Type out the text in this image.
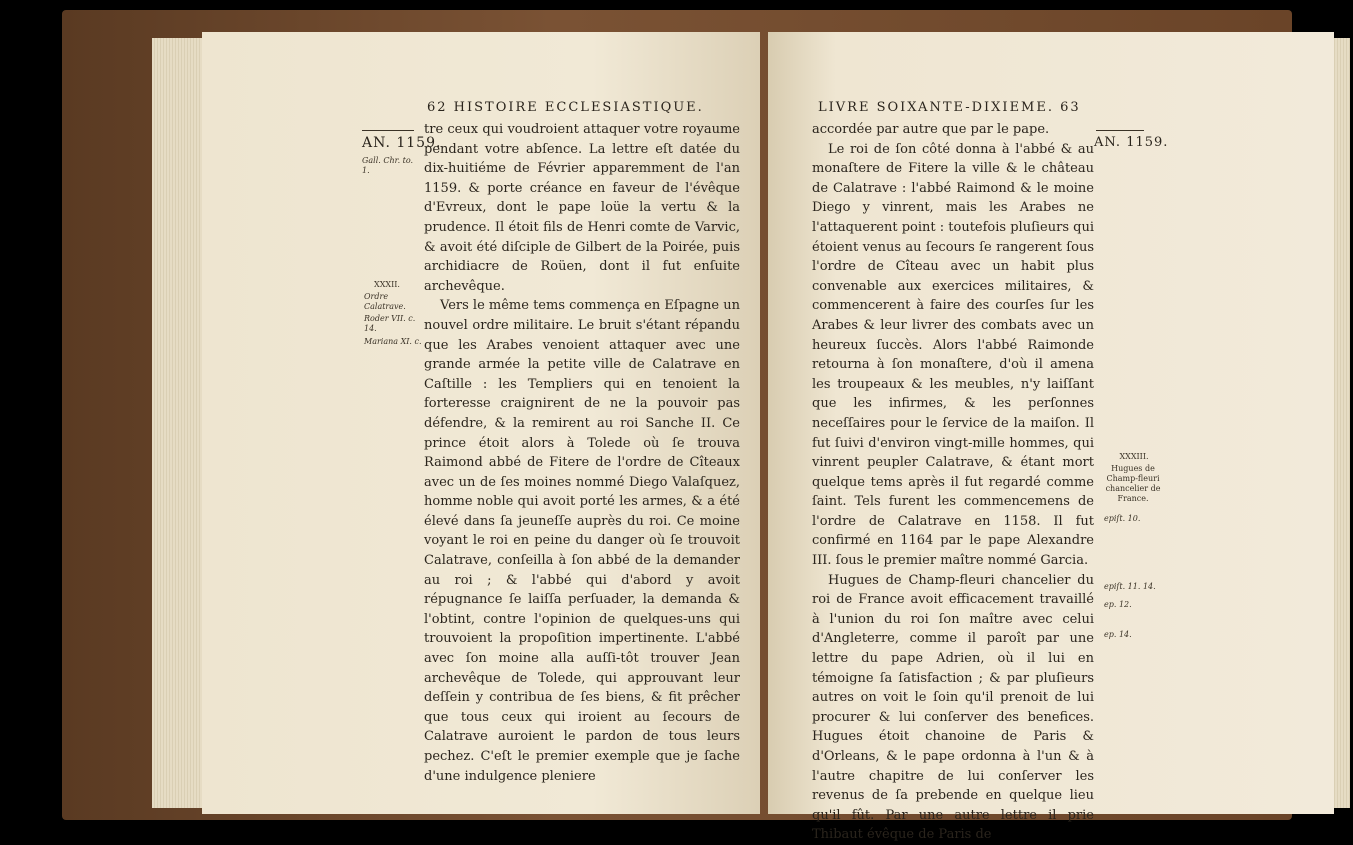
62 HISTOIRE ECCLESIASTIQUE.
AN. 1159.
Gall. Chr. to. 1.
XXXII.
Ordre Calatrave.
Roder VII. c. 14.
Mariana XI. c.

tre ceux qui voudroient attaquer votre royaume pendant votre abſence. La lettre eſt datée du dix-huitiéme de Février apparemment de l'an 1159. & porte créance en faveur de l'évêque d'Evreux, dont le pape loüe la vertu & la prudence. Il étoit fils de Henri comte de Varvic, & avoit été diſciple de Gilbert de la Poirée, puis archidiacre de Roüen, dont il fut enſuite archevêque.

Vers le même tems commença en Eſpagne un nouvel ordre militaire. Le bruit s'étant répandu que les Arabes venoient attaquer avec une grande armée la petite ville de Calatrave en Caſtille : les Templiers qui en tenoient la forteresse craignirent de ne la pouvoir pas défendre, & la remirent au roi Sanche II. Ce prince étoit alors à Tolede où ſe trouva Raimond abbé de Fitere de l'ordre de Cîteaux avec un de ſes moines nommé Diego Valaſquez, homme noble qui avoit porté les armes, & a été élevé dans ſa jeuneſſe auprès du roi. Ce moine voyant le roi en peine du danger où ſe trouvoit Calatrave, conſeilla à ſon abbé de la demander au roi ; & l'abbé qui d'abord y avoit répugnance ſe laiſſa perſuader, la demanda & l'obtint, contre l'opinion de quelques-uns qui trouvoient la propoſition impertinente. L'abbé avec ſon moine alla auſſi-tôt trouver Jean archevêque de Tolede, qui approuvant leur deſſein y contribua de ſes biens, & fit prêcher que tous ceux qui iroient au ſecours de Calatrave auroient le pardon de tous leurs pechez. C'eſt le premier exemple que je ſache d'une indulgence pleniere

LIVRE SOIXANTE-DIXIEME. 63
AN. 1159.

accordée par autre que par le pape.

Le roi de ſon côté donna à l'abbé & au monaſtere de Fitere la ville & le château de Calatrave : l'abbé Raimond & le moine Diego y vinrent, mais les Arabes ne l'attaquerent point : toutefois pluſieurs qui étoient venus au ſecours ſe rangerent ſous l'ordre de Cîteau avec un habit plus convenable aux exercices militaires, & commencerent à faire des courſes ſur les Arabes & leur livrer des combats avec un heureux ſuccès. Alors l'abbé Raimonde retourna à ſon monaſtere, d'où il amena les troupeaux & les meubles, n'y laiſſant que les infirmes, & les perſonnes neceſſaires pour le ſervice de la maiſon. Il fut ſuivi d'environ vingt-mille hommes, qui vinrent peupler Calatrave, & étant mort quelque tems après il fut regardé comme ſaint. Tels furent les commencemens de l'ordre de Calatrave en 1158. Il fut confirmé en 1164 par le pape Alexandre III. ſous le premier maître nommé Garcia.

Hugues de Champ-fleuri chancelier du roi de France avoit efficacement travaillé à l'union du roi ſon maître avec celui d'Angleterre, comme il paroît par une lettre du pape Adrien, où il lui en témoigne ſa ſatisfaction ; & par pluſieurs autres on voit le ſoin qu'il prenoit de lui procurer & lui conſerver des benefices. Hugues étoit chanoine de Paris & d'Orleans, & le pape ordonna à l'un & à l'autre chapitre de lui conſerver les revenus de ſa prebende en quelque lieu qu'il fût. Par une autre lettre il prie Thibaut évêque de Paris de

XXXIII.
Hugues de Champ-fleuri chancelier de France.
epiſt. 10.
epiſt. 11. 14.
ep. 12.
ep. 14.
